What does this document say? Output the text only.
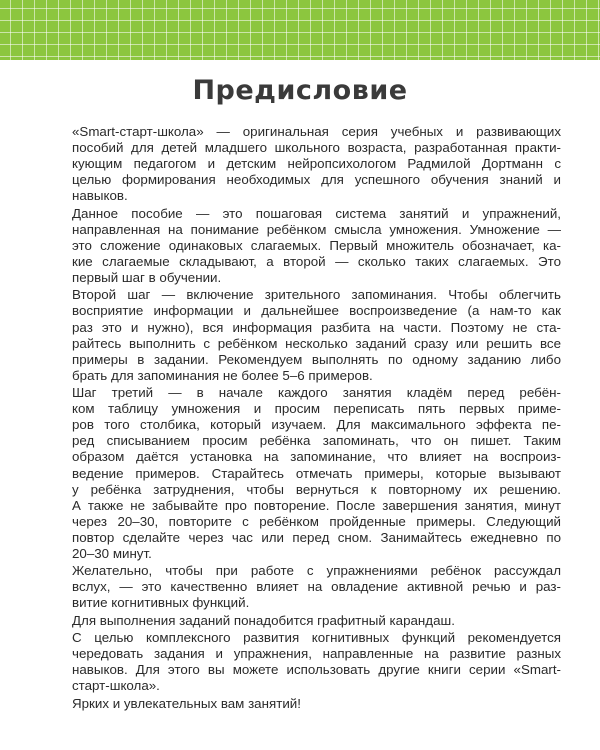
Предисловие

«Smart-старт-школа» — оригинальная серия учебных и развивающих
пособий для детей младшего школьного возраста, разработанная практи-
кующим педагогом и детским нейропсихологом Радмилой Дортманн с
целью формирования необходимых для успешного обучения знаний и
навыков.

Данное пособие — это пошаговая система занятий и упражнений,
направленная на понимание ребёнком смысла умножения. Умножение —
это сложение одинаковых слагаемых. Первый множитель обозначает, ка-
кие слагаемые складывают, а второй — сколько таких слагаемых. Это
первый шаг в обучении.

Второй шаг — включение зрительного запоминания. Чтобы облегчить
восприятие информации и дальнейшее воспроизведение (а нам-то как
раз это и нужно), вся информация разбита на части. Поэтому не ста-
райтесь выполнить с ребёнком несколько заданий сразу или решить все
примеры в задании. Рекомендуем выполнять по одному заданию либо
брать для запоминания не более 5–6 примеров.

Шаг третий — в начале каждого занятия кладём перед ребён-
ком таблицу умножения и просим переписать пять первых приме-
ров того столбика, который изучаем. Для максимального эффекта пе-
ред списыванием просим ребёнка запоминать, что он пишет. Таким
образом даётся установка на запоминание, что влияет на воспроиз-
ведение примеров. Старайтесь отмечать примеры, которые вызывают
у ребёнка затруднения, чтобы вернуться к повторному их решению.
А также не забывайте про повторение. После завершения занятия, минут
через 20–30, повторите с ребёнком пройденные примеры. Следующий
повтор сделайте через час или перед сном. Занимайтесь ежедневно по
20–30 минут.

Желательно, чтобы при работе с упражнениями ребёнок рассуждал
вслух, — это качественно влияет на овладение активной речью и раз-
витие когнитивных функций.

Для выполнения заданий понадобится графитный карандаш.

С целью комплексного развития когнитивных функций рекомендуется
чередовать задания и упражнения, направленные на развитие разных
навыков. Для этого вы можете использовать другие книги серии «Smart-
старт-школа».

Ярких и увлекательных вам занятий!
